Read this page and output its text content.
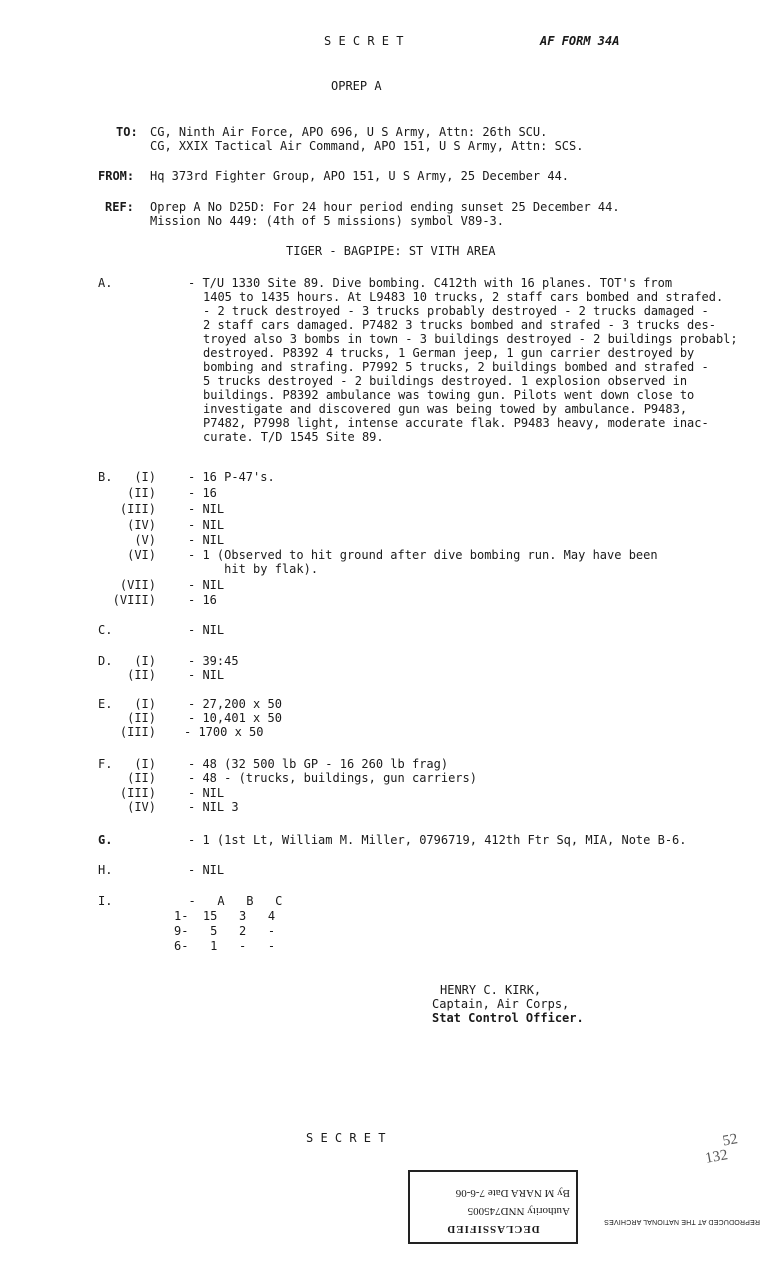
S E C R E T	AF FORM 34A
OPREP A
TO: CG, Ninth Air Force, APO 696, U S Army, Attn: 26th SCU.
CG, XXIX Tactical Air Command, APO 151, U S Army, Attn: SCS.
FROM: Hq 373rd Fighter Group, APO 151, U S Army, 25 December 44.
REF: Oprep A No D25D: For 24 hour period ending sunset 25 December 44.
Mission No 449: (4th of 5 missions) symbol V89-3.
TIGER - BAGPIPE: ST VITH AREA
A.	- T/U 1330 Site 89. Dive bombing. C412th with 16 planes. TOT's from
1405 to 1435 hours. At L9483 10 trucks, 2 staff cars bombed and strafed.
- 2 truck destroyed - 3 trucks probably destroyed - 2 trucks damaged -
2 staff cars damaged. P7482 3 trucks bombed and strafed - 3 trucks des-
troyed also 3 bombs in town - 3 buildings destroyed - 2 buildings probabl;
destroyed. P8392 4 trucks, 1 German jeep, 1 gun carrier destroyed by
bombing and strafing. P7992 5 trucks, 2 buildings bombed and strafed -
5 trucks destroyed - 2 buildings destroyed. 1 explosion observed in
buildings. P8392 ambulance was towing gun. Pilots went down close to
investigate and discovered gun was being towed by ambulance. P9483,
P7482, P7998 light, intense accurate flak. P9483 heavy, moderate inac-
curate. T/D 1545 Site 89.
B.	(I)	- 16 P-47's.
(II)	- 16
(III)	- NIL
(IV)	- NIL
(V)	- NIL
(VI)	- 1 (Observed to hit ground after dive bombing run. May have been
hit by flak).
(VII)	- NIL
(VIII)	- 16
C.	- NIL
D.	(I)	- 39:45
(II)	- NIL
E.	(I)	- 27,200 x 50
(II)	- 10,401 x 50
(III) - 1700 x 50
F.	(I)	- 48 (32 500 lb GP - 16 260 lb frag)
(II)	- 48 - (trucks, buildings, gun carriers)
(III)	- NIL
(IV)	- NIL 3
G.	- 1 (1st Lt, William M. Miller, 0796719, 412th Ftr Sq, MIA, Note B-6.
H.	- NIL
I.	-   A   B   C
1-  15   3   4
9-   5   2   -
6-   1   -   -
HENRY C. KIRK,
Captain, Air Corps,
Stat Control Officer.
S E C R E T	52
132
DECLASSIFIED
Authority NND745005
By M NARA Date 7-6-06
REPRODUCED AT THE NATIONAL ARCHIVES
